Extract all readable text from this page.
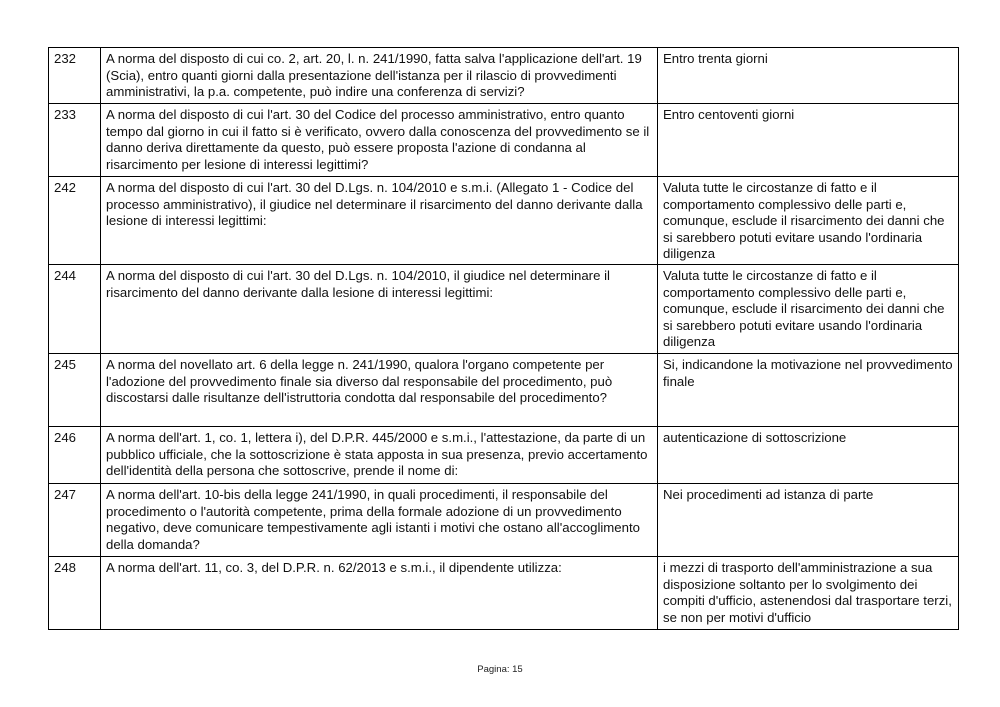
232	A norma del disposto di cui co. 2, art. 20, l. n. 241/1990, fatta salva l'applicazione dell'art. 19 (Scia), entro quanti giorni dalla presentazione dell'istanza per il rilascio di provvedimenti amministrativi, la p.a. competente, può indire una conferenza di servizi?	Entro trenta giorni
233	A norma del disposto di cui l'art. 30 del Codice del processo amministrativo, entro quanto tempo dal giorno in cui il fatto si è verificato, ovvero dalla conoscenza del provvedimento se il danno deriva direttamente da questo, può essere proposta l'azione di condanna al risarcimento per lesione di interessi legittimi?	Entro centoventi giorni
242	A norma del disposto di cui l'art. 30 del D.Lgs. n. 104/2010 e s.m.i. (Allegato 1 - Codice del processo amministrativo), il giudice nel determinare il risarcimento del danno derivante dalla lesione di interessi legittimi:	Valuta tutte le circostanze di fatto e il comportamento complessivo delle parti e, comunque, esclude il risarcimento dei danni che si sarebbero potuti evitare usando l'ordinaria diligenza
244	A norma del disposto di cui l'art. 30 del D.Lgs. n. 104/2010, il giudice nel determinare il risarcimento del danno derivante dalla lesione di interessi legittimi:	Valuta tutte le circostanze di fatto e il comportamento complessivo delle parti e, comunque, esclude il risarcimento dei danni che si sarebbero potuti evitare usando l'ordinaria diligenza
245	A norma del novellato art. 6 della legge n. 241/1990, qualora l'organo competente per l'adozione del provvedimento finale sia diverso dal responsabile del procedimento, può discostarsi dalle risultanze dell'istruttoria condotta dal responsabile del procedimento?	Si, indicandone la motivazione nel provvedimento finale
246	A norma dell'art. 1, co. 1, lettera i), del D.P.R. 445/2000 e s.m.i., l'attestazione, da parte di un pubblico ufficiale, che la sottoscrizione è stata apposta in sua presenza, previo accertamento dell'identità della persona che sottoscrive, prende il nome di:	autenticazione di sottoscrizione
247	A norma dell'art. 10-bis della legge 241/1990, in quali procedimenti, il responsabile del procedimento o l'autorità competente, prima della formale adozione di un provvedimento negativo, deve comunicare tempestivamente agli istanti i motivi che ostano all'accoglimento della domanda?	Nei procedimenti ad istanza di parte
248	A norma dell'art. 11, co. 3, del D.P.R. n. 62/2013 e s.m.i., il dipendente utilizza:	i mezzi di trasporto dell'amministrazione a sua disposizione soltanto per lo svolgimento dei compiti d'ufficio, astenendosi dal trasportare terzi, se non per motivi d'ufficio
Pagina: 15
